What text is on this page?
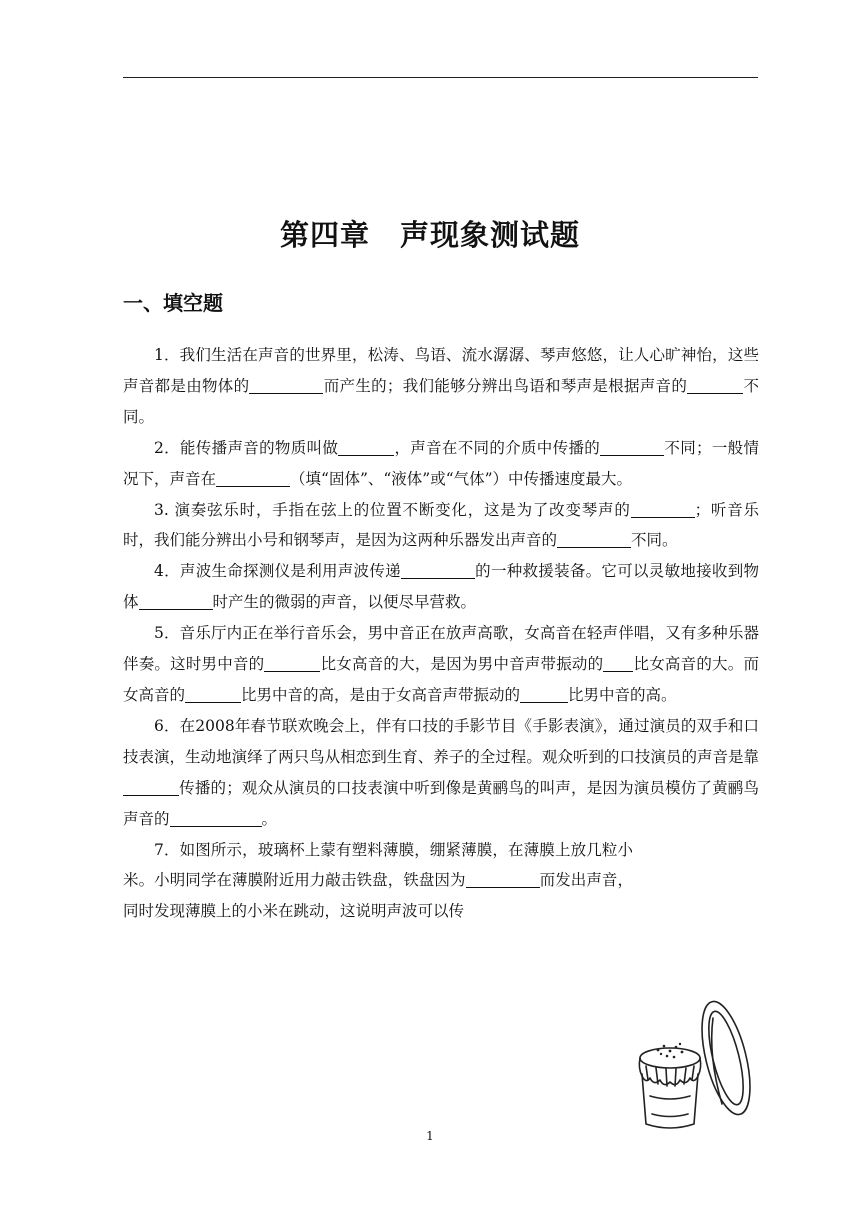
第四章　声现象测试题
一、填空题

1．我们生活在声音的世界里，松涛、鸟语、流水潺潺、琴声悠悠，让人心旷神怡，这些声音都是由物体的	而产生的；我们能够分辨出鸟语和琴声是根据声音的	不同。

2．能传播声音的物质叫做	，声音在不同的介质中传播的	不同；一般情况下，声音在	（填“固体”、“液体”或“气体”）中传播速度最大。

3. 演奏弦乐时，手指在弦上的位置不断变化，这是为了改变琴声的	；听音乐时，我们能分辨出小号和钢琴声，是因为这两种乐器发出声音的	不同。

4．声波生命探测仪是利用声波传递	的一种救援装备。它可以灵敏地接收到物体	时产生的微弱的声音，以便尽早营救。

5．音乐厅内正在举行音乐会，男中音正在放声高歌，女高音在轻声伴唱，又有多种乐器伴奏。这时男中音的	比女高音的大，是因为男中音声带振动的 比女高音的大。而女高音的	比男中音的高，是由于女高音声带振动的	比男中音的高。

6．在2008年春节联欢晚会上，伴有口技的手影节目《手影表演》，通过演员的双手和口技表演，生动地演绎了两只鸟从相恋到生育、养子的全过程。观众听到的口技演员的声音是靠传播的；观众从演员的口技表演中听到像是黄鹂鸟的叫声，是因为演员模仿了黄鹂鸟声音的	。

7．如图所示，玻璃杯上蒙有塑料薄膜，绷紧薄膜，在薄膜上放几粒小米。小明同学在薄膜附近用力敲击铁盘，铁盘因为	而发出声音，同时发现薄膜上的小米在跳动，这说明声波可以传

1
